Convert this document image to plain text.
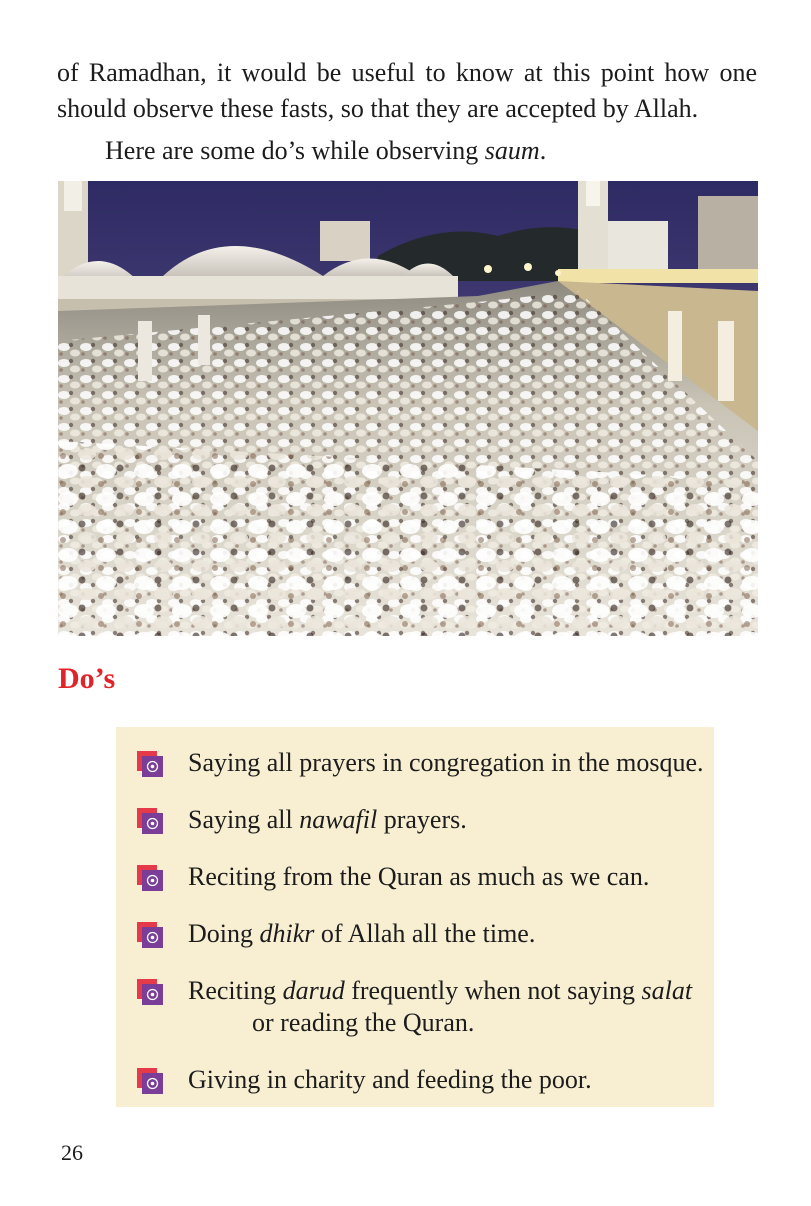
of Ramadhan, it would be useful to know at this point how one should observe these fasts, so that they are accepted by Allah.

Here are some do’s while observing saum.

Do’s
Saying all prayers in congregation in the mosque.
Saying all nawafil prayers.
Reciting from the Quran as much as we can.
Doing dhikr of Allah all the time.
Reciting darud frequently when not saying salat
or reading the Quran.
Giving in charity and feeding the poor.

26
